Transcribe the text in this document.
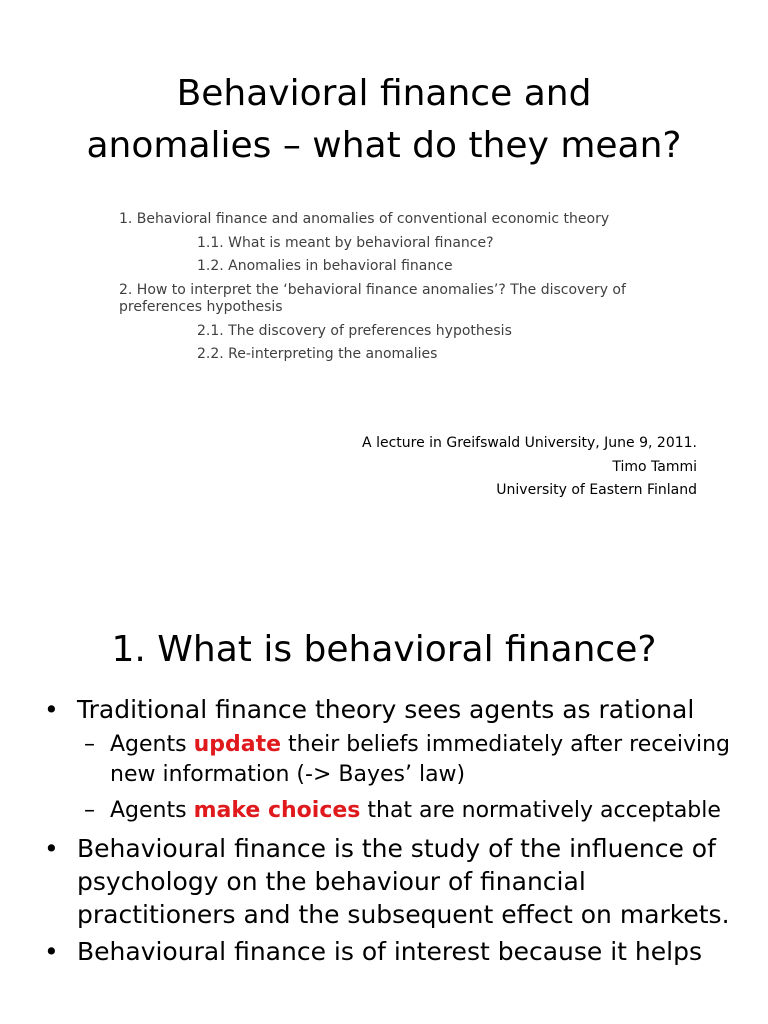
Behavioral finance and
anomalies – what do they mean?
1. Behavioral finance and anomalies of conventional economic theory
1.1. What is meant by behavioral finance?
1.2. Anomalies in behavioral finance
2. How to interpret the ‘behavioral finance anomalies’? The discovery of preferences hypothesis
2.1. The discovery of preferences hypothesis
2.2. Re-interpreting the anomalies
A lecture in Greifswald University, June 9, 2011.
Timo Tammi
University of Eastern Finland
1. What is behavioral finance?
• Traditional finance theory sees agents as rational
– Agents update their beliefs immediately after receiving new information (-> Bayes’ law)
– Agents make choices that are normatively acceptable
• Behavioural finance is the study of the influence of psychology on the behaviour of financial practitioners and the subsequent effect on markets.
• Behavioural finance is of interest because it helps
